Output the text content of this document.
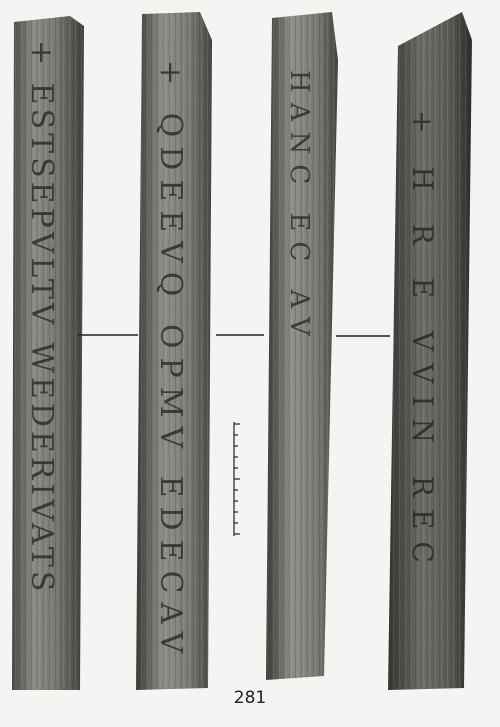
+ ESTSEPVLTV WEDERIVATS	+ QDEEVQ OPMV EDECAV	HANC EC AV	+ H R E VVIN REC
281
